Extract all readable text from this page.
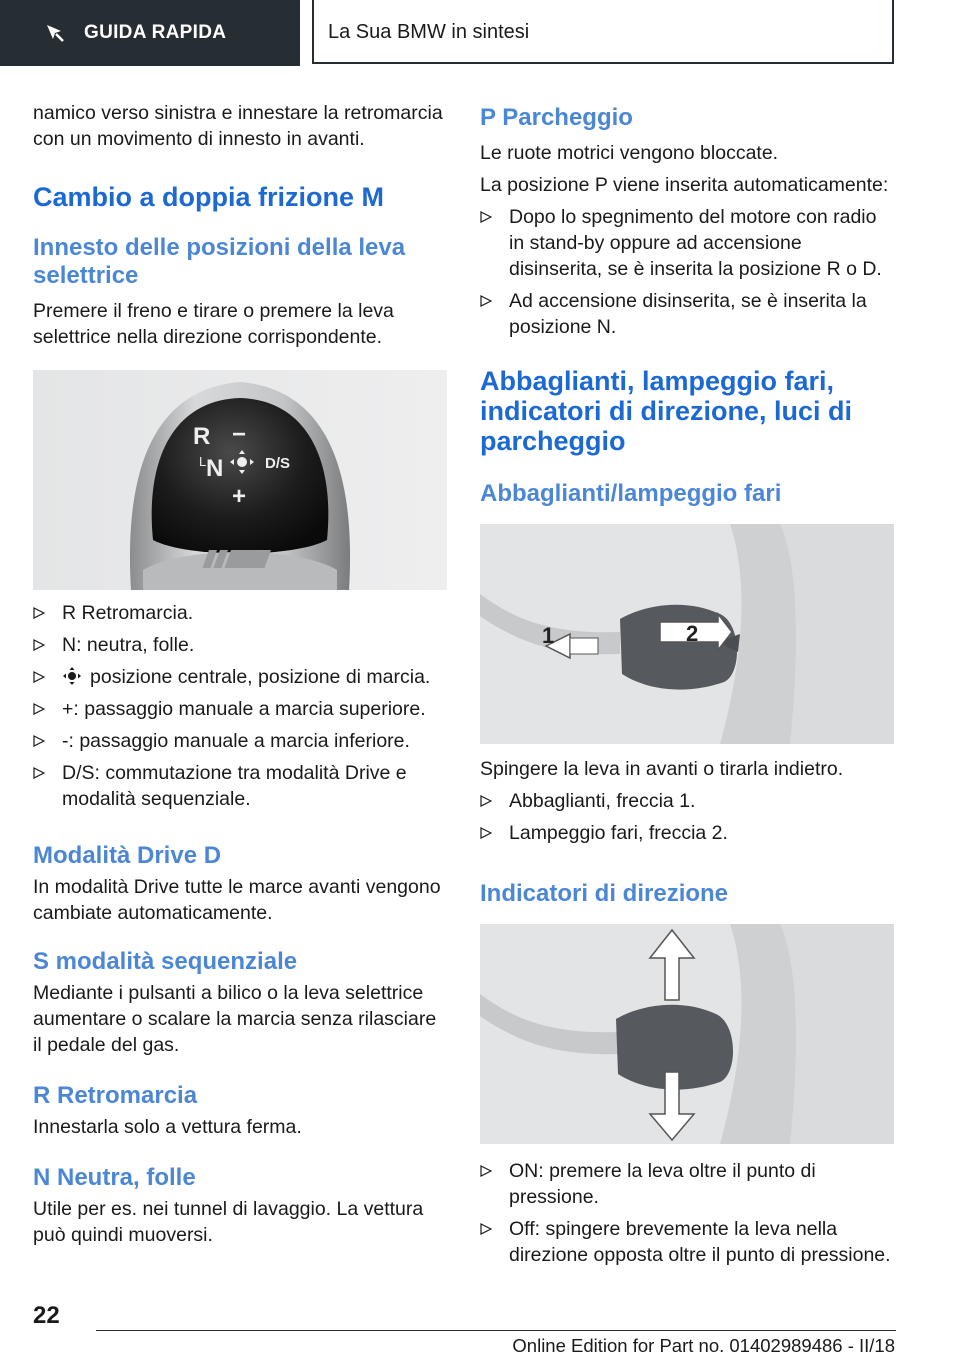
GUIDA RAPIDA	La Sua BMW in sintesi

namico verso sinistra e innestare la retromarcia con un movimento di innesto in avanti.

Cambio a doppia frizione M
Innesto delle posizioni della leva selettrice

Premere il freno e tirare o premere la leva selettrice nella direzione corrispondente.

R
N
L	D/S
−
+
R Retromarcia.
N: neutra, folle.
posizione centrale, posizione di marcia.
+: passaggio manuale a marcia superiore.
-: passaggio manuale a marcia inferiore.
D/S: commutazione tra modalità Drive e modalità sequenziale.
Modalità Drive D

In modalità Drive tutte le marce avanti vengono cambiate automaticamente.

S modalità sequenziale

Mediante i pulsanti a bilico o la leva selettrice aumentare o scalare la marcia senza rilasciare il pedale del gas.

R Retromarcia

Innestarla solo a vettura ferma.

N Neutra, folle

Utile per es. nei tunnel di lavaggio. La vettura può quindi muoversi.

P Parcheggio

Le ruote motrici vengono bloccate.

La posizione P viene inserita automaticamente:

Dopo lo spegnimento del motore con radio in stand-by oppure ad accensione disinserita, se è inserita la posizione R o D.
Ad accensione disinserita, se è inserita la posizione N.
Abbaglianti, lampeggio fari, indicatori di direzione, luci di parcheggio
Abbaglianti/lampeggio fari
1	2

Spingere la leva in avanti o tirarla indietro.

Abbaglianti, freccia 1.
Lampeggio fari, freccia 2.
Indicatori di direzione
ON: premere la leva oltre il punto di pressione.
Off: spingere brevemente la leva nella direzione opposta oltre il punto di pressione.
22
Online Edition for Part no. 01402989486 - II/18
